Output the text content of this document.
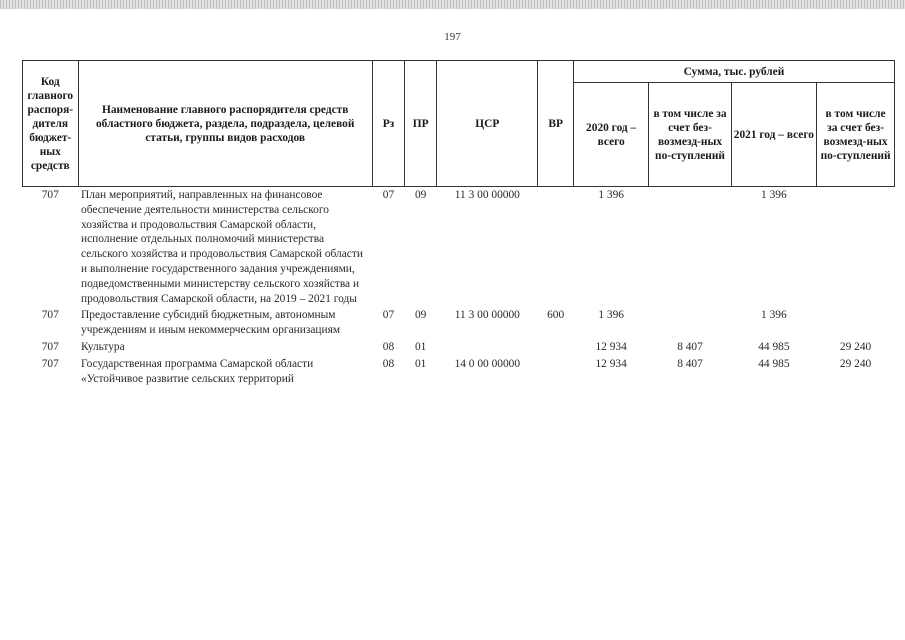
197
Код главного распоря-дителя бюджет-ных средств	Наименование главного распорядителя средств областного бюджета, раздела, подраздела, целевой статьи, группы видов расходов	Рз	ПР	ЦСР	ВР	Сумма, тыс. рублей			
						2020 год – всего	в том числе за счет без-возмезд-ных по-ступлений	2021 год – всего	в том числе за счет без-возмезд-ных по-ступлений
707	План мероприятий, направленных на финансовое обеспечение деятельности министерства сельского хозяйства и продовольствия Самарской области, исполнение отдельных полномочий министерства сельского хозяйства и продовольствия Самарской области и выполнение государственного задания учреждениями, подведомственными министерству сельского хозяйства и продовольствия Самарской области, на 2019 – 2021 годы	07	09	11 3 00 00000		1 396		1 396	
707	Предоставление субсидий бюджетным, автономным учреждениям и иным некоммерческим организациям	07	09	11 3 00 00000	600	1 396		1 396	
707	Культура	08	01			12 934	8 407	44 985	29 240
707	Государственная программа Самарской области «Устойчивое развитие сельских территорий	08	01	14 0 00 00000		12 934	8 407	44 985	29 240
